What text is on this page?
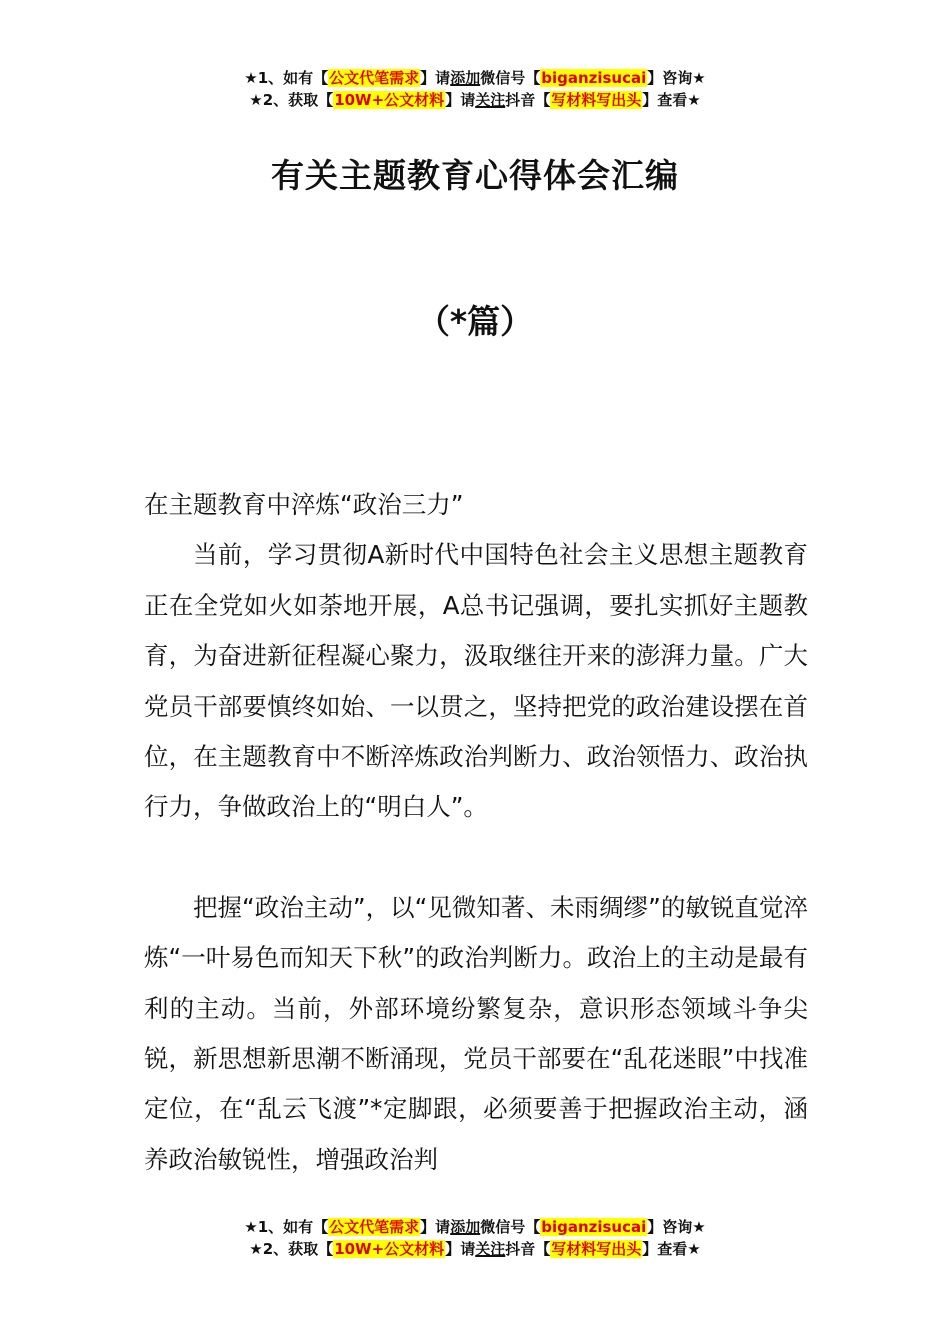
★1、如有【公文代笔需求】请添加微信号【biganzisucai】咨询★
★2、获取【10W+公文材料】请关注抖音【写材料写出头】查看★
有关主题教育心得体会汇编
（*篇）

在主题教育中淬炼“政治三力”

当前，学习贯彻A新时代中国特色社会主义思想主题教育正在全党如火如荼地开展，A总书记强调，要扎实抓好主题教育，为奋进新征程凝心聚力，汲取继往开来的澎湃力量。广大党员干部要慎终如始、一以贯之，坚持把党的政治建设摆在首位，在主题教育中不断淬炼政治判断力、政治领悟力、政治执行力，争做政治上的“明白人”。

把握“政治主动”，以“见微知著、未雨绸缪”的敏锐直觉淬炼“一叶易色而知天下秋”的政治判断力。政治上的主动是最有利的主动。当前，外部环境纷繁复杂，意识形态领域斗争尖锐，新思想新思潮不断涌现，党员干部要在“乱花迷眼”中找准定位，在“乱云飞渡”*定脚跟，必须要善于把握政治主动，涵养政治敏锐性，增强政治判

★1、如有【公文代笔需求】请添加微信号【biganzisucai】咨询★
★2、获取【10W+公文材料】请关注抖音【写材料写出头】查看★
